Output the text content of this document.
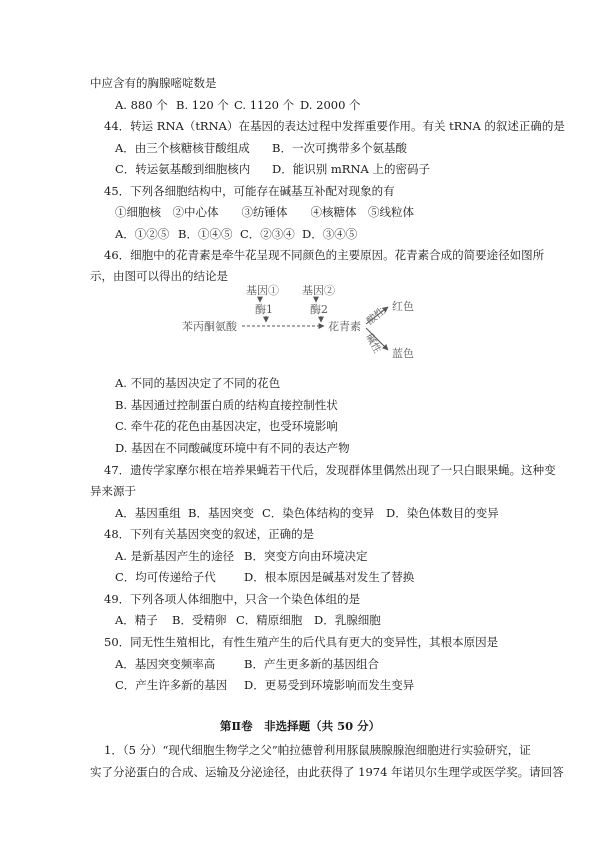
中应含有的胸腺嘧啶数是
A. 880 个 B. 120 个 C. 1120 个 D. 2000 个
44．转运 RNA（tRNA）在基因的表达过程中发挥重要作用。有关 tRNA 的叙述正确的是
A．由三个核糖核苷酸组成 B．一次可携带多个氨基酸
C．转运氨基酸到细胞核内 D．能识别 mRNA 上的密码子
45．下列各细胞结构中，可能存在碱基互补配对现象的有
①细胞核　②中心体　　③纺锤体　　④核糖体　⑤线粒体
A．①②⑤ B．①④⑤ C．②③④ D．③④⑤
46．细胞中的花青素是牵牛花呈现不同颜色的主要原因。花青素合成的简要途径如图所
示，由图可以得出的结论是
基因① 基因②
酶1	酶2
苯丙酮氨酸	花青素
红色
蓝色
酸性
碱性
A. 不同的基因决定了不同的花色
B. 基因通过控制蛋白质的结构直接控制性状
C. 牵牛花的花色由基因决定，也受环境影响
D. 基因在不同酸碱度环境中有不同的表达产物
47．遗传学家摩尔根在培养果蝇若干代后，发现群体里偶然出现了一只白眼果蝇。这种变
异来源于
A．基因重组 B．基因突变 C．染色体结构的变异 D．染色体数目的变异
48．下列有关基因突变的叙述，正确的是
A. 是新基因产生的途径 B．突变方向由环境决定
C．均可传递给子代 D．根本原因是碱基对发生了替换
49．下列各项人体细胞中，只含一个染色体组的是
A．精子 B．受精卵 C．精原细胞 D．乳腺细胞
50．同无性生殖相比，有性生殖产生的后代具有更大的变异性，其根本原因是
A．基因突变频率高 B．产生更多新的基因组合
C．产生许多新的基因 D．更易受到环境影响而发生变异
第Ⅱ卷　非选择题（共 50 分）
1．（5 分）“现代细胞生物学之父”帕拉德曾利用豚鼠胰腺腺泡细胞进行实验研究，证
实了分泌蛋白的合成、运输及分泌途径，由此获得了 1974 年诺贝尔生理学或医学奖。请回答
